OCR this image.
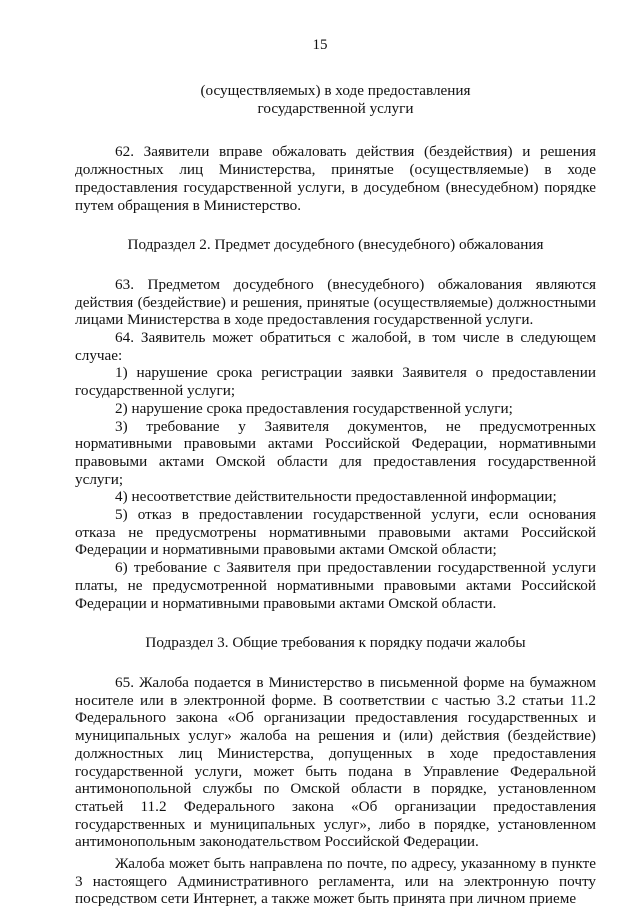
15

(осуществляемых) в ходе предоставления

государственной услуги

62. Заявители вправе обжаловать действия (бездействия) и решения должностных лиц Министерства, принятые (осуществляемые) в ходе предоставления государственной услуги, в досудебном (внесудебном) порядке путем обращения в Министерство.

Подраздел 2. Предмет досудебного (внесудебного) обжалования

63. Предметом досудебного (внесудебного) обжалования являются действия (бездействие) и решения, принятые (осуществляемые) должностными лицами Министерства в ходе предоставления государственной услуги.

64. Заявитель может обратиться с жалобой, в том числе в следующем случае:

1) нарушение срока регистрации заявки Заявителя о предоставлении государственной услуги;

2) нарушение срока предоставления государственной услуги;

3) требование у Заявителя документов, не предусмотренных нормативными правовыми актами Российской Федерации, нормативными правовыми актами Омской области для предоставления государственной услуги;

4) несоответствие действительности предоставленной информации;

5) отказ в предоставлении государственной услуги, если основания отказа не предусмотрены нормативными правовыми актами Российской Федерации и нормативными правовыми актами Омской области;

6) требование с Заявителя при предоставлении государственной услуги платы, не предусмотренной нормативными правовыми актами Российской Федерации и нормативными правовыми актами Омской области.

Подраздел 3. Общие требования к порядку подачи жалобы

65. Жалоба подается в Министерство в письменной форме на бумажном носителе или в электронной форме. В соответствии с частью 3.2 статьи 11.2 Федерального закона «Об организации предоставления государственных и муниципальных услуг» жалоба на решения и (или) действия (бездействие) должностных лиц Министерства, допущенных в ходе предоставления государственной услуги, может быть подана в Управление Федеральной антимонопольной службы по Омской области в порядке, установленном статьей 11.2 Федерального закона «Об организации предоставления государственных и муниципальных услуг», либо в порядке, установленном антимонопольным законодательством Российской Федерации.

Жалоба может быть направлена по почте, по адресу, указанному в пункте 3 настоящего Административного регламента, или на электронную почту посредством сети Интернет, а также может быть принята при личном приеме
